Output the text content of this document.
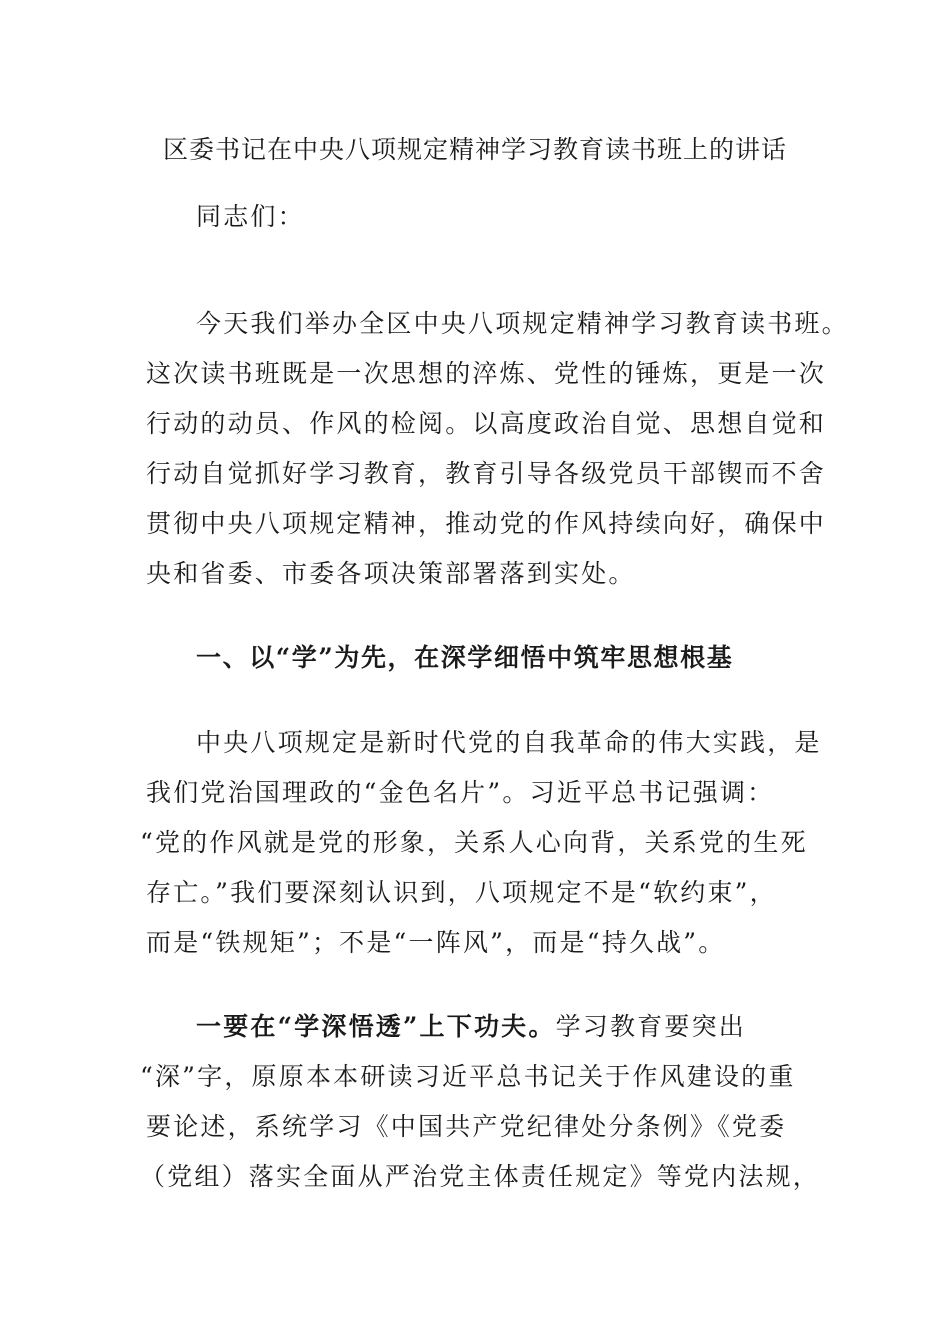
区委书记在中央八项规定精神学习教育读书班上的讲话
同志们：
今天我们举办全区中央八项规定精神学习教育读书班。
这次读书班既是一次思想的淬炼、党性的锤炼，更是一次
行动的动员、作风的检阅。以高度政治自觉、思想自觉和
行动自觉抓好学习教育，教育引导各级党员干部锲而不舍
贯彻中央八项规定精神，推动党的作风持续向好，确保中
央和省委、市委各项决策部署落到实处。
一、以“学”为先，在深学细悟中筑牢思想根基
中央八项规定是新时代党的自我革命的伟大实践，是
我们党治国理政的“金色名片”。习近平总书记强调：
“党的作风就是党的形象，关系人心向背，关系党的生死
存亡。”我们要深刻认识到，八项规定不是“软约束”，
而是“铁规矩”；不是“一阵风”，而是“持久战”。
一要在“学深悟透”上下功夫。学习教育要突出
“深”字，原原本本研读习近平总书记关于作风建设的重
要论述，系统学习《中国共产党纪律处分条例》《党委
（党组）落实全面从严治党主体责任规定》等党内法规，
